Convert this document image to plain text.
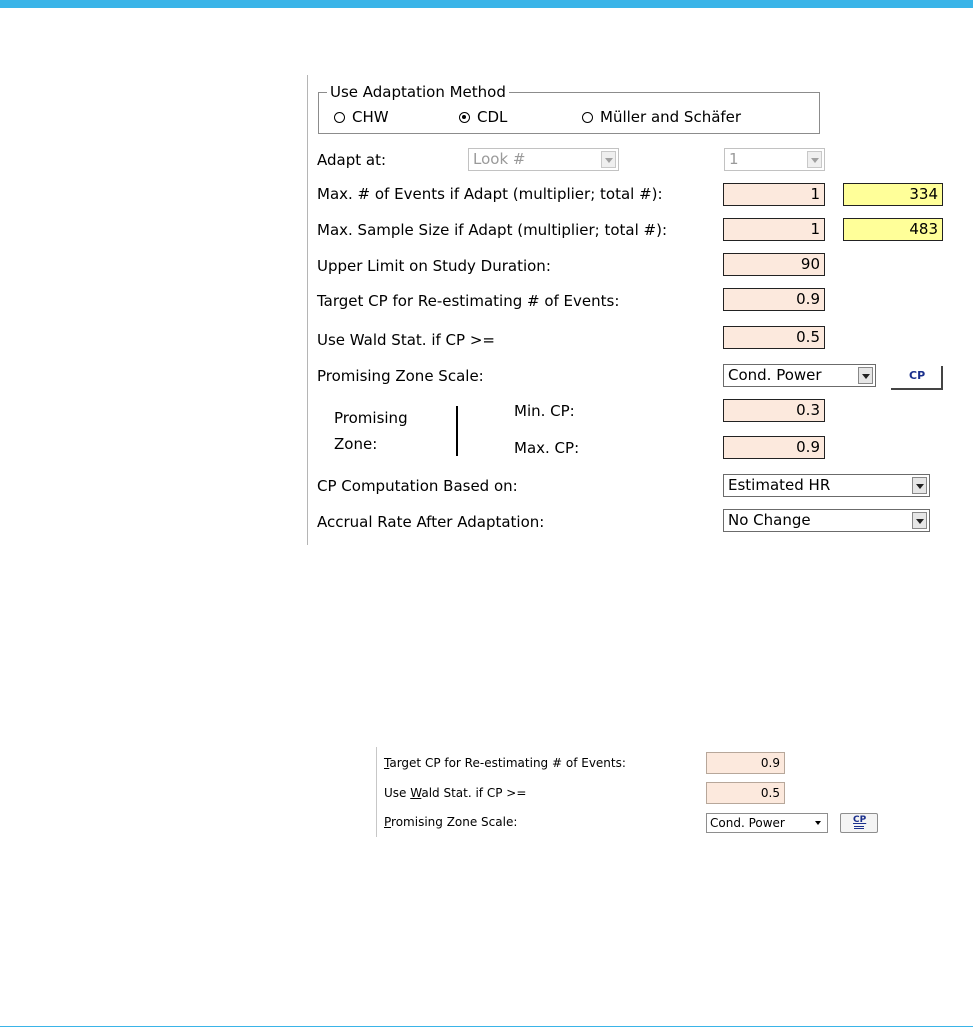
Use Adaptation Method
CHW	CDL	Müller and Schäfer
Adapt at:	Look #	1
Max. # of Events if Adapt (multiplier; total #):	1	334
Max. Sample Size if Adapt (multiplier; total #):	1	483
Upper Limit on Study Duration:	90
Target CP for Re-estimating # of Events:	0.9
Use Wald Stat. if CP >=	0.5
Promising Zone Scale:	Cond. Power	CP
Promising
Zone:
Min. CP:	0.3
Max. CP:	0.9
CP Computation Based on:	Estimated HR
Accrual Rate After Adaptation:	No Change
Target CP for Re-estimating # of Events:	0.9
Use Wald Stat. if CP >=	0.5
Promising Zone Scale:	Cond. Power	CP
